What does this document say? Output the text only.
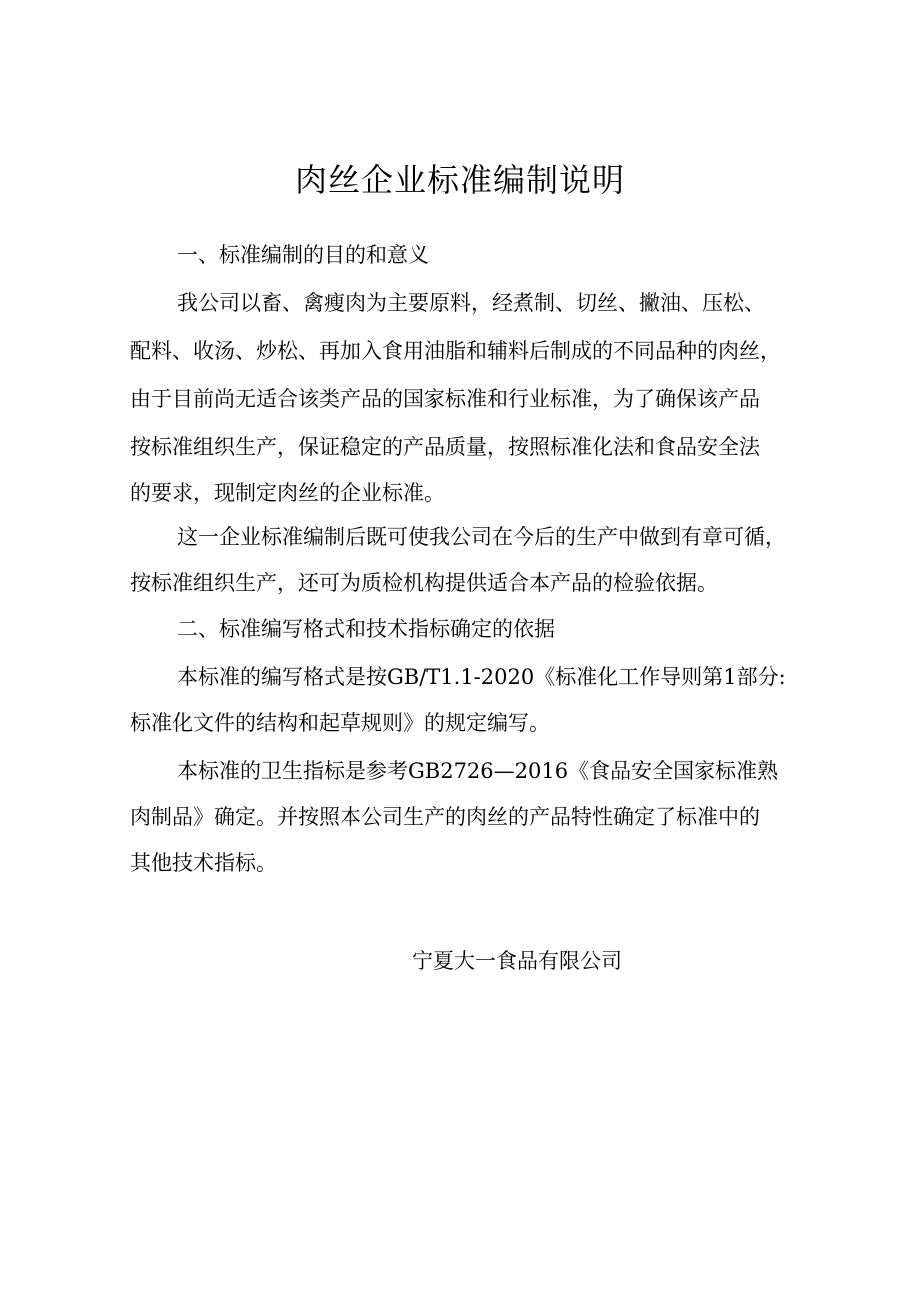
肉丝企业标准编制说明
一、标准编制的目的和意义
我公司以畜、禽瘦肉为主要原料，经煮制、切丝、撇油、压松、
配料、收汤、炒松、再加入食用油脂和辅料后制成的不同品种的肉丝，
由于目前尚无适合该类产品的国家标准和行业标准，为了确保该产品
按标准组织生产，保证稳定的产品质量，按照标准化法和食品安全法
的要求，现制定肉丝的企业标准。
这一企业标准编制后既可使我公司在今后的生产中做到有章可循，
按标准组织生产，还可为质检机构提供适合本产品的检验依据。
二、标准编写格式和技术指标确定的依据
本标准的编写格式是按GB/T1.1-2020《标准化工作导则第1部分:
标准化文件的结构和起草规则》的规定编写。
本标准的卫生指标是参考GB2726—2016《食品安全国家标准熟
肉制品》确定。并按照本公司生产的肉丝的产品特性确定了标准中的
其他技术指标。
宁夏大一食品有限公司
